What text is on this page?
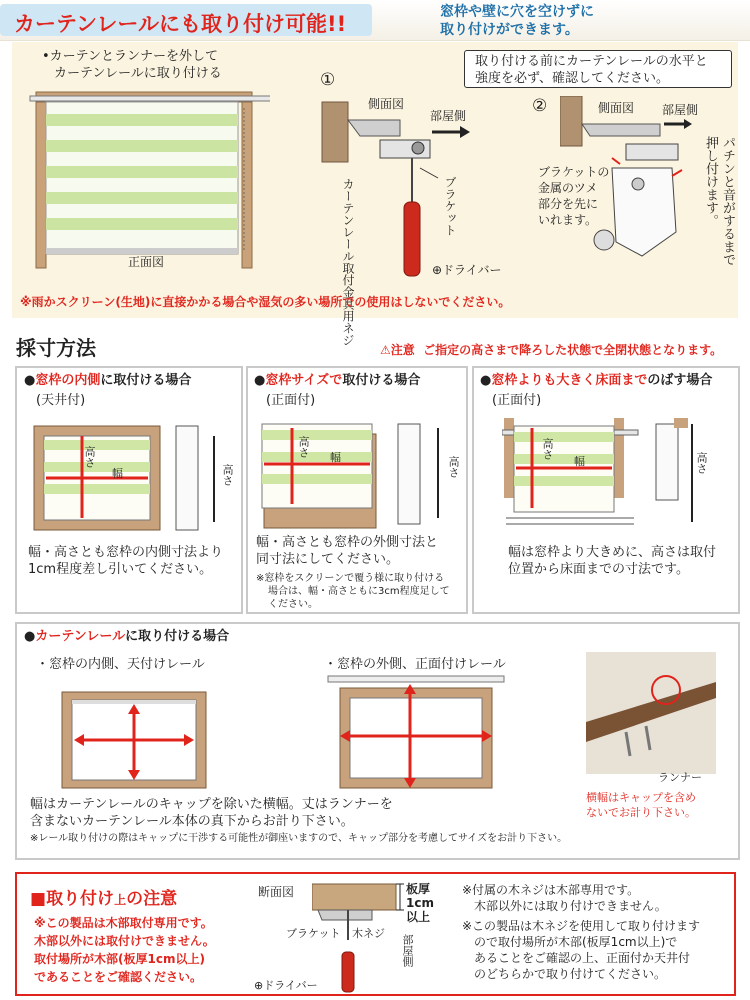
カーテンレールにも取り付け可能!!	窓枠や壁に穴を空けずに
取り付けができます。
•カーテンとランナーを外して
カーテンレールに取り付ける
正面図
取り付ける前にカーテンレールの水平と
強度を必ず、確認してください。
①
側面図
部屋側
カーテンレール取付金具用ネジ	ブラケット
⊕ドライバー
②	側面図 部屋側
ブラケットの
金属のツメ
部分を先に
いれます。	パチンと音がするまで
押し付けます。
※雨かスクリーン(生地)に直接かかる場合や湿気の多い場所での使用はしないでください。
採寸方法	⚠注意 ご指定の高さまで降ろした状態で全閉状態となります。
●窓枠の内側に取付ける場合
(天井付)
高さ
幅	高さ
幅・高さとも窓枠の内側寸法より
1cm程度差し引いてください。
●窓枠サイズで取付ける場合
(正面付)
高さ 幅	高さ
幅・高さとも窓枠の外側寸法と
同寸法にしてください。
※窓枠をスクリーンで覆う様に取り付ける
場合は、幅・高さともに3cm程度足して
ください。
●窓枠よりも大きく床面までのばす場合
(正面付)
高さ
幅	高さ
幅は窓枠より大きめに、高さは取付
位置から床面までの寸法です。
●カーテンレールに取り付ける場合
・窓枠の内側、天付けレール	・窓枠の外側、正面付けレール
ランナー
横幅はキャップを含め
ないでお計り下さい。
幅はカーテンレールのキャップを除いた横幅。丈はランナーを
含まないカーテンレール本体の真下からお計り下さい。
※レール取り付けの際はキャップに干渉する可能性が御座いますので、キャップ部分を考慮してサイズをお計り下さい。
■取り付け上の注意
※この製品は木部取付専用です。
木部以外には取付けできません。
取付場所が木部(板厚1cm以上)
であることをご確認ください。
断面図	板厚
1cm
以上
ブラケット 木ネジ
部屋側
⊕ドライバー
※付属の木ネジは木部専用です。
木部以外には取り付けできません。
※この製品は木ネジを使用して取り付けます
ので取付場所が木部(板厚1cm以上)で
あることをご確認の上、正面付か天井付
のどちらかで取り付けてください。
